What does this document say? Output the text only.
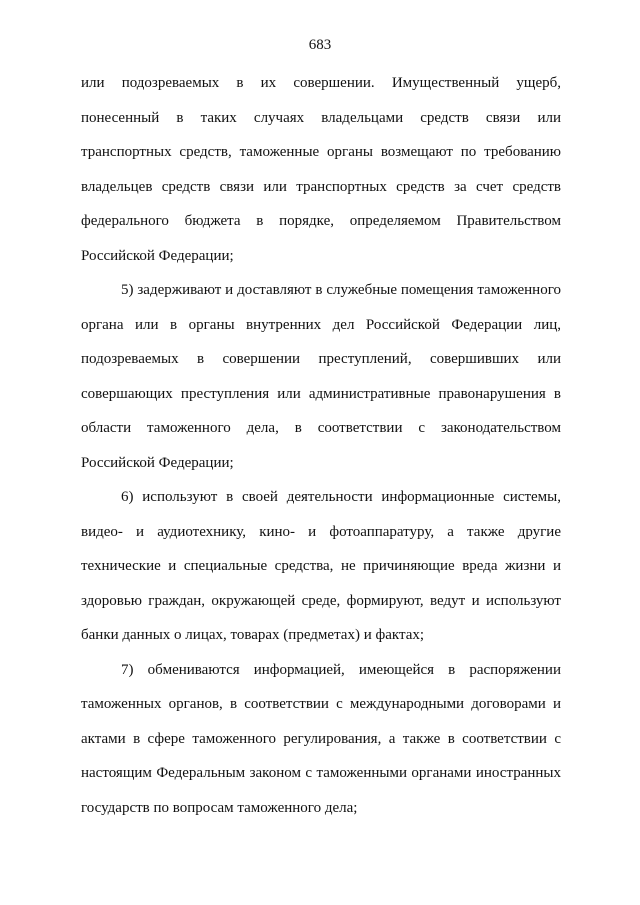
683

или подозреваемых в их совершении. Имущественный ущерб, понесенный в таких случаях владельцами средств связи или транспортных средств, таможенные органы возмещают по требованию владельцев средств связи или транспортных средств за счет средств федерального бюджета в порядке, определяемом Правительством Российской Федерации;

5) задерживают и доставляют в служебные помещения таможенного органа или в органы внутренних дел Российской Федерации лиц, подозреваемых в совершении преступлений, совершивших или совершающих преступления или административные правонарушения в области таможенного дела, в соответствии с законодательством Российской Федерации;

6) используют в своей деятельности информационные системы, видео- и аудиотехнику, кино- и фотоаппаратуру, а также другие технические и специальные средства, не причиняющие вреда жизни и здоровью граждан, окружающей среде, формируют, ведут и используют банки данных о лицах, товарах (предметах) и фактах;

7) обмениваются информацией, имеющейся в распоряжении таможенных органов, в соответствии с международными договорами и актами в сфере таможенного регулирования, а также в соответствии с настоящим Федеральным законом с таможенными органами иностранных государств по вопросам таможенного дела;
